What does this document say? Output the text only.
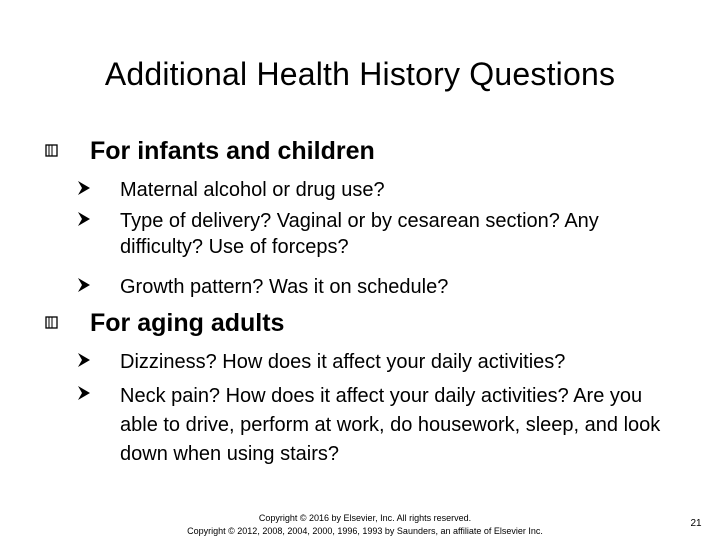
Additional Health History Questions
For infants and children
Maternal alcohol or drug use?
Type of delivery? Vaginal or by cesarean section? Any difficulty? Use of forceps?
Growth pattern? Was it on schedule?
For aging adults
Dizziness? How does it affect your daily activities?
Neck pain? How does it affect your daily activities? Are you able to drive, perform at work, do housework, sleep, and look down when using stairs?
Copyright © 2016 by Elsevier, Inc. All rights reserved.
Copyright © 2012, 2008, 2004, 2000, 1996, 1993 by Saunders, an affiliate of Elsevier Inc.
21
